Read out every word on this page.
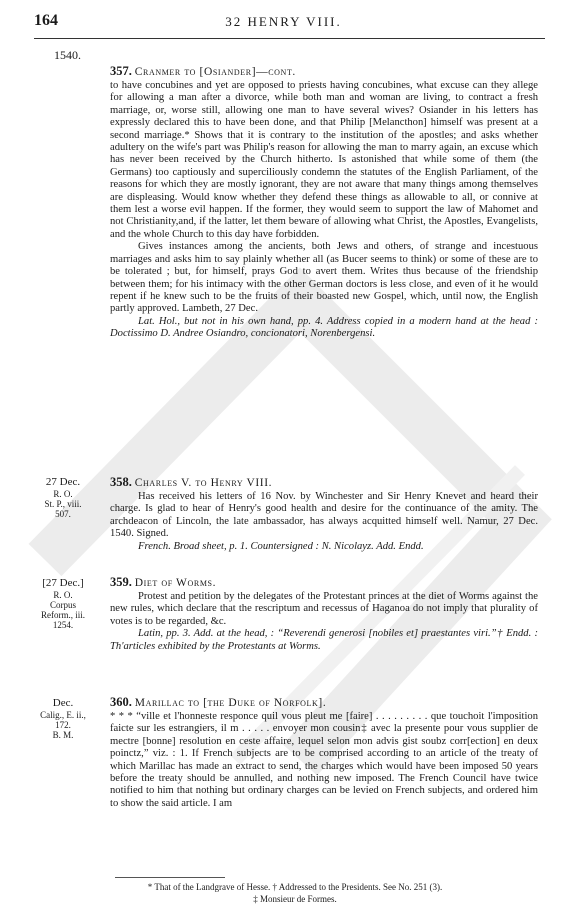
164	32 HENRY VIII.
1540.

357. Cranmer to [Osiander]—cont.

to have concubines and yet are opposed to priests having concubines, what excuse can they allege for allowing a man after a divorce, while both man and woman are living, to contract a fresh marriage, or, worse still, allowing one man to have several wives? Osiander in his letters has expressly declared this to have been done, and that Philip [Melancthon] himself was present at a second marriage.* Shows that it is contrary to the institution of the apostles; and asks whether adultery on the wife's part was Philip's reason for allowing the man to marry again, an excuse which has never been received by the Church hitherto. Is astonished that while some of them (the Germans) too captiously and superciliously condemn the statutes of the English Parliament, of the reasons for which they are mostly ignorant, they are not aware that many things among themselves are displeasing. Would know whether they defend these things as allowable to all, or connive at them lest a worse evil happen. If the former, they would seem to support the law of Mahomet and not Christianity,and, if the latter, let them beware of allowing what Christ, the Apostles, Evangelists, and the whole Church to this day have forbidden.

Gives instances among the ancients, both Jews and others, of strange and incestuous marriages and asks him to say plainly whether all (as Bucer seems to think) or some of these are to be tolerated ; but, for himself, prays God to avert them. Writes thus because of the friendship between them; for his intimacy with the other German doctors is less close, and even of it he would repent if he knew such to be the fruits of their boasted new Gospel, which, until now, the English partly approved. Lambeth, 27 Dec.

Lat. Hol., but not in his own hand, pp. 4. Address copied in a modern hand at the head : Doctissimo D. Andree Osiandro, concionatori, Norenbergensi.

27 Dec.
R. O.
St. P., viii.
507.

358. Charles V. to Henry VIII.

Has received his letters of 16 Nov. by Winchester and Sir Henry Knevet and heard their charge. Is glad to hear of Henry's good health and desire for the continuance of the amity. The archdeacon of Lincoln, the late ambassador, has always acquitted himself well. Namur, 27 Dec. 1540. Signed.

French. Broad sheet, p. 1. Countersigned : N. Nicolayz. Add. Endd.

[27 Dec.]
R. O.
Corpus
Reform., iii.
1254.

359. Diet of Worms.

Protest and petition by the delegates of the Protestant princes at the diet of Worms against the new rules, which declare that the rescriptum and recessus of Haganoa do not imply that plurality of votes is to be regarded, &c.

Latin, pp. 3. Add. at the head, : “Reverendi generosi [nobiles et] praestantes viri.”† Endd. : Th'articles exhibited by the Protestants at Worms.

Dec.
Calig., E. ii.,
172.
B. M.

360. Marillac to [the Duke of Norfolk].

* * * “ville et l'honneste responce quil vous pleut me [faire] . . . . . . . . . que touchoit l'imposition faicte sur les estrangiers, il m . . . . . envoyer mon cousin‡ avec la presente pour vous supplier de mectre [bonne] resolution en ceste affaire, lequel selon mon advis gist soubz corr[ection] en deux poinctz,” viz. : 1. If French subjects are to be comprised according to an article of the treaty of which Marillac has made an extract to send, the charges which would have been imposed 50 years before the treaty should be annulled, and nothing new imposed. The French Council have twice notified to him that nothing but ordinary charges can be levied on French subjects, and ordered him to show the said article. I am

* That of the Landgrave of Hesse. † Addressed to the Presidents. See No. 251 (3).
‡ Monsieur de Formes.
